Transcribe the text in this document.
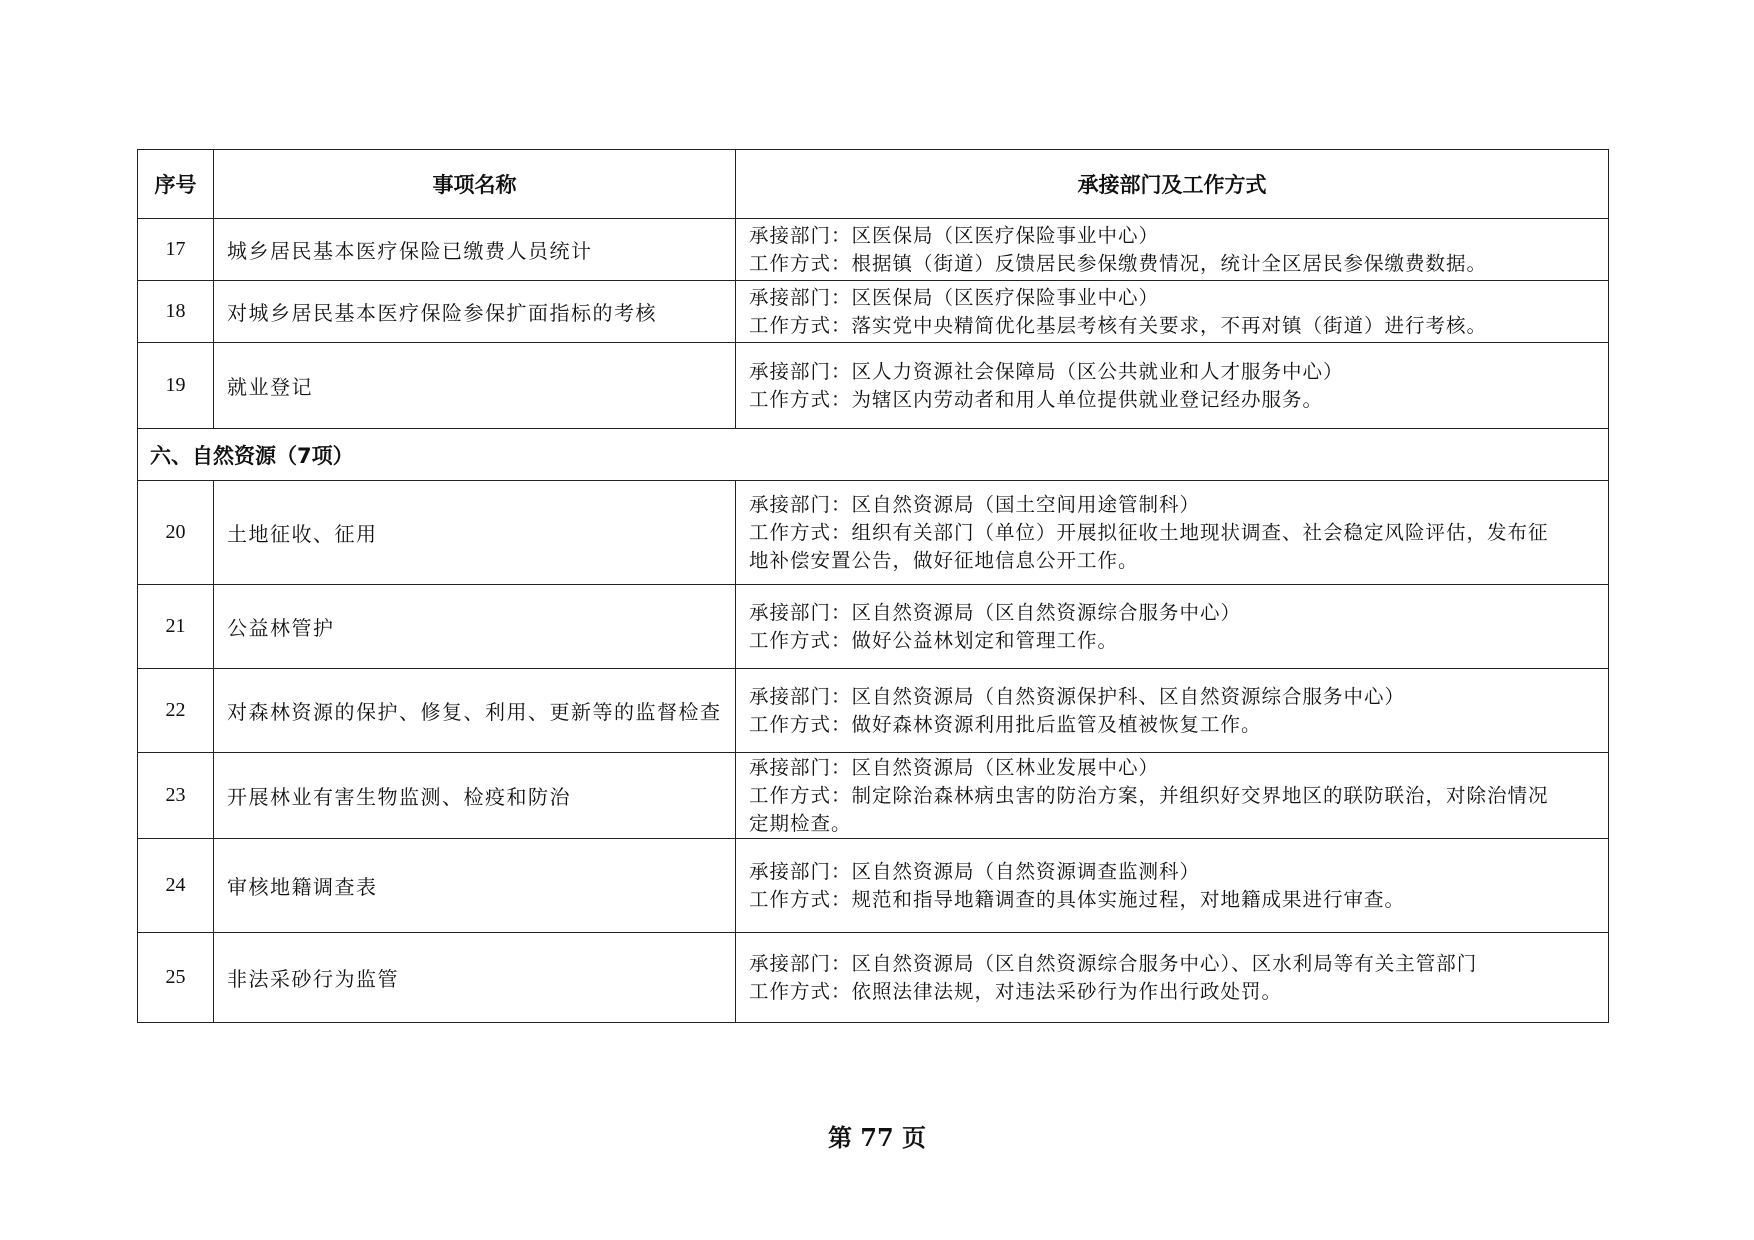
序号	事项名称	承接部门及工作方式
17	城乡居民基本医疗保险已缴费人员统计	承接部门：区医保局（区医疗保险事业中心）
工作方式：根据镇（街道）反馈居民参保缴费情况，统计全区居民参保缴费数据。

18	对城乡居民基本医疗保险参保扩面指标的考核	承接部门：区医保局（区医疗保险事业中心）
工作方式：落实党中央精简优化基层考核有关要求，不再对镇（街道）进行考核。

19	就业登记	承接部门：区人力资源社会保障局（区公共就业和人才服务中心）
工作方式：为辖区内劳动者和用人单位提供就业登记经办服务。

六、自然资源（7项）		
20	土地征收、征用	承接部门：区自然资源局（国土空间用途管制科）
工作方式：组织有关部门（单位）开展拟征收土地现状调查、社会稳定风险评估，发布征
地补偿安置公告，做好征地信息公开工作。

21	公益林管护	承接部门：区自然资源局（区自然资源综合服务中心）
工作方式：做好公益林划定和管理工作。

22	对森林资源的保护、修复、利用、更新等的监督检查	承接部门：区自然资源局（自然资源保护科、区自然资源综合服务中心）
工作方式：做好森林资源利用批后监管及植被恢复工作。

23	开展林业有害生物监测、检疫和防治	承接部门：区自然资源局（区林业发展中心）
工作方式：制定除治森林病虫害的防治方案，并组织好交界地区的联防联治，对除治情况
定期检查。

24	审核地籍调查表	承接部门：区自然资源局（自然资源调查监测科）
工作方式：规范和指导地籍调查的具体实施过程，对地籍成果进行审查。

25	非法采砂行为监管	承接部门：区自然资源局（区自然资源综合服务中心）、区水利局等有关主管部门
工作方式：依照法律法规，对违法采砂行为作出行政处罚。
第 77 页
